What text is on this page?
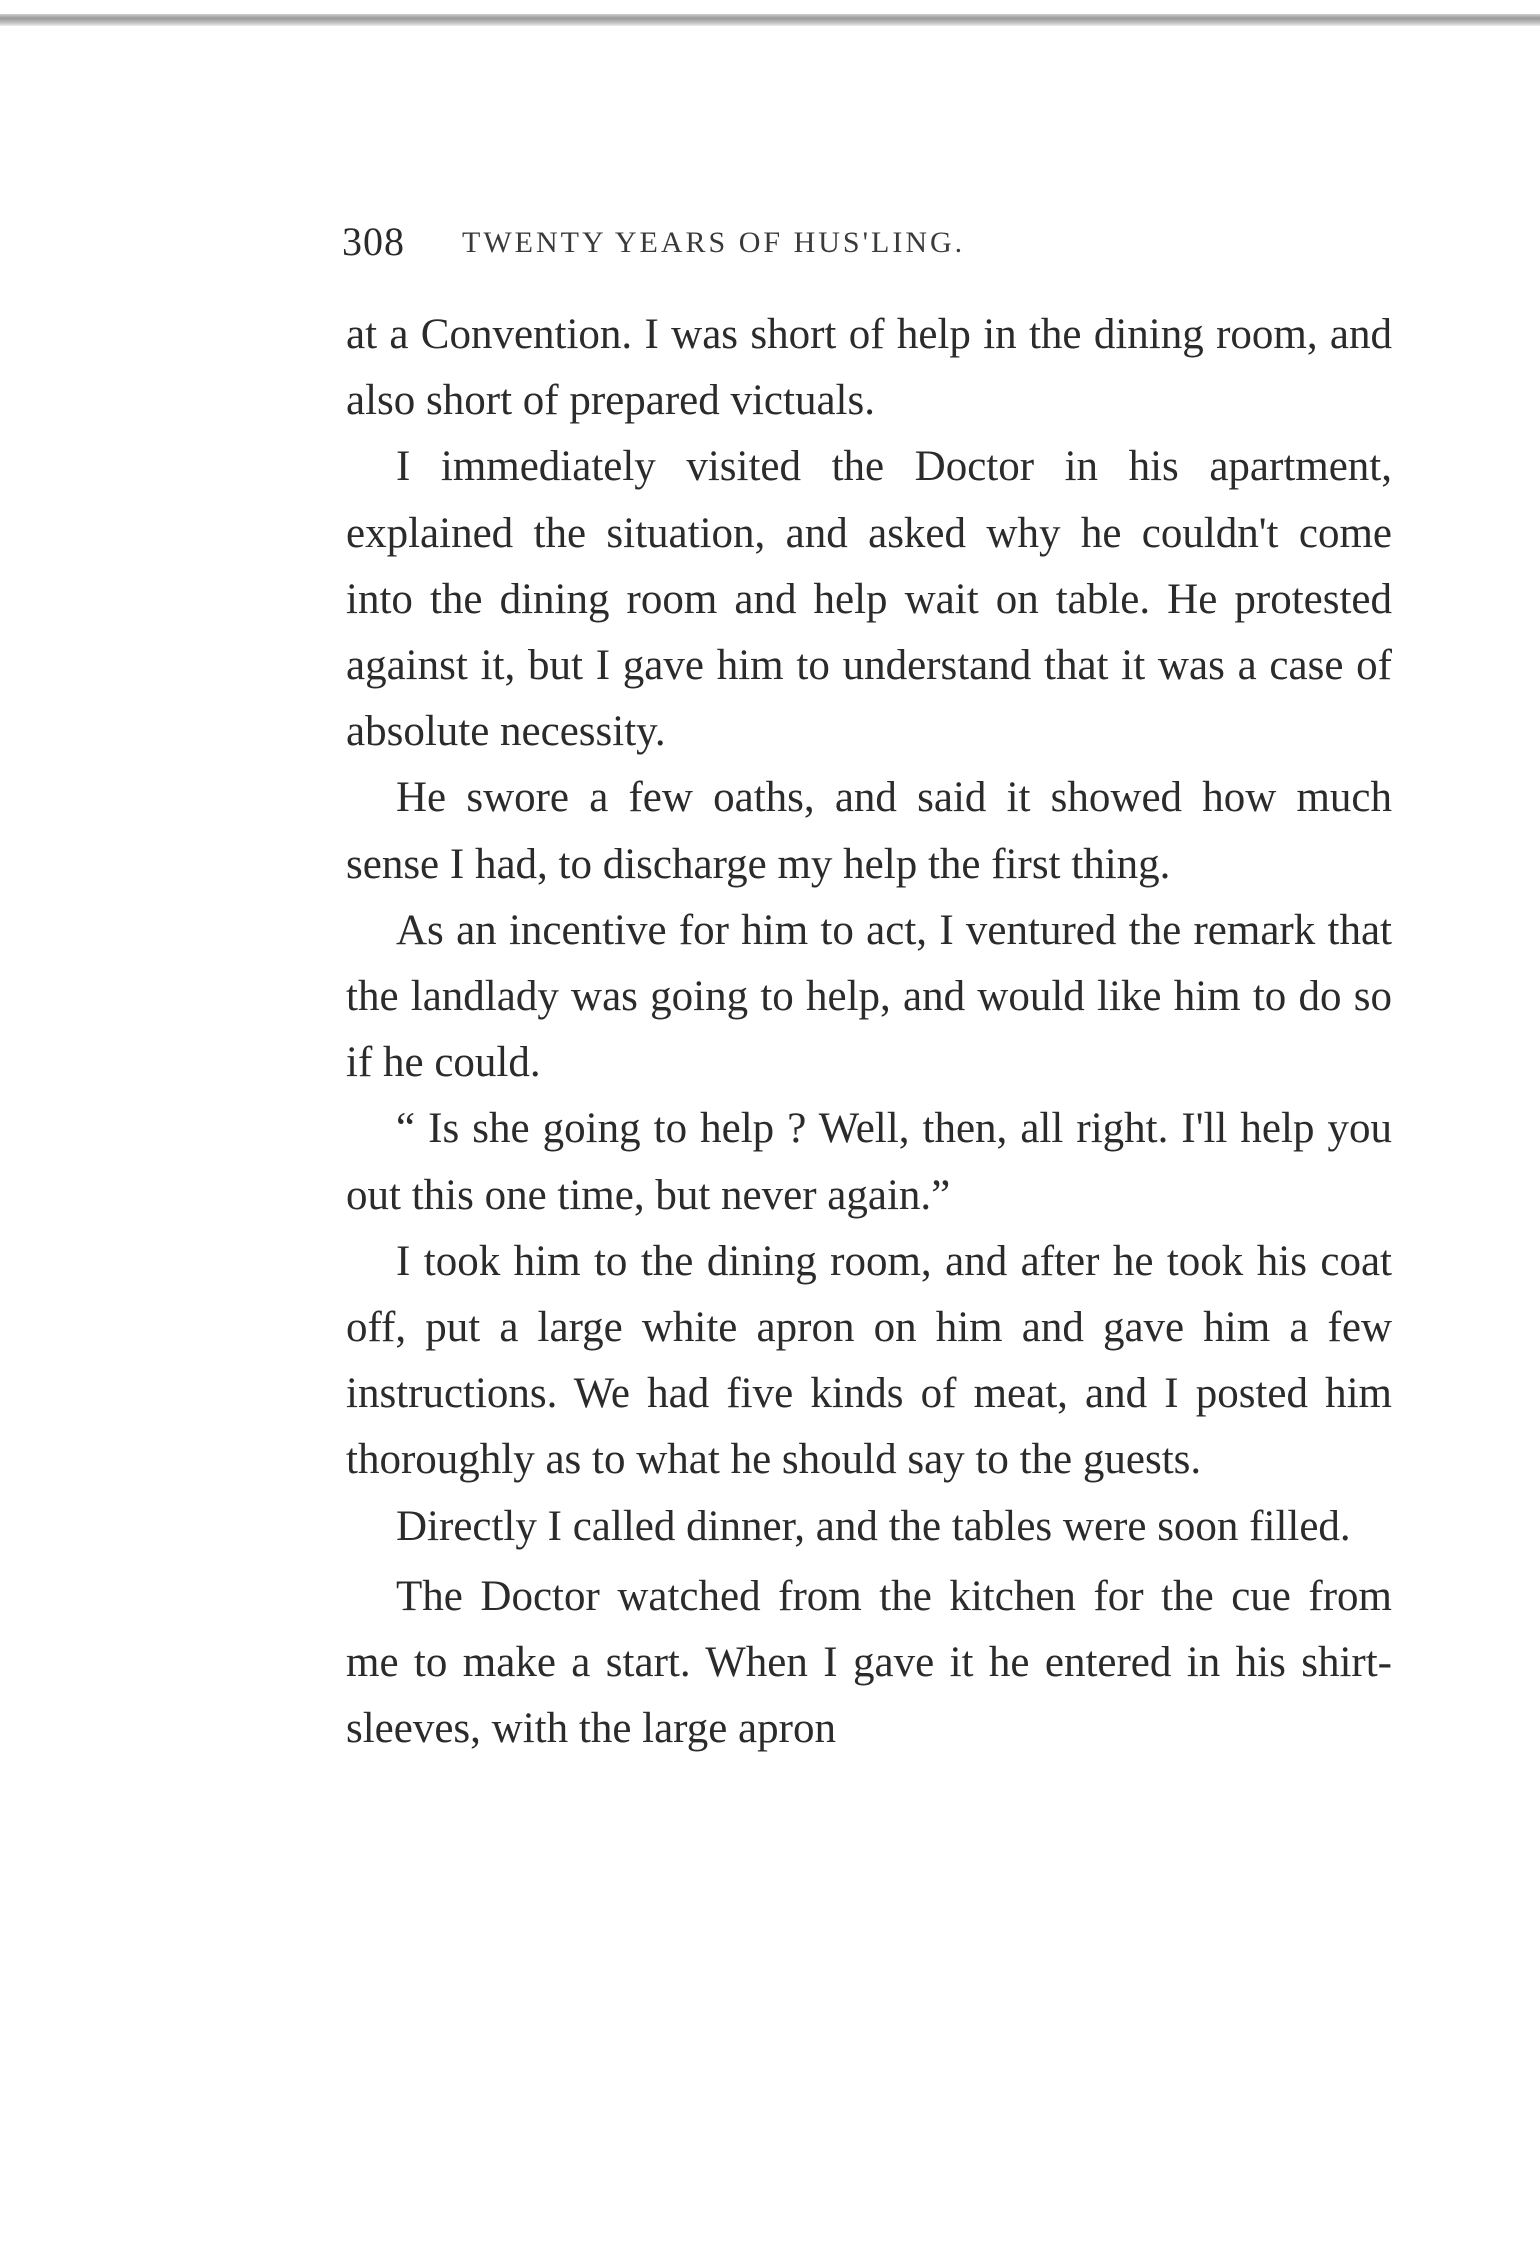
308 TWENTY YEARS OF HUS'LING.

at a Convention. I was short of help in the dining room, and also short of prepared victuals.

I immediately visited the Doctor in his apartment, explained the situation, and asked why he couldn't come into the dining room and help wait on table. He protested against it, but I gave him to understand that it was a case of absolute necessity.

He swore a few oaths, and said it showed how much sense I had, to discharge my help the first thing.

As an incentive for him to act, I ventured the remark that the landlady was going to help, and would like him to do so if he could.

“ Is she going to help ? Well, then, all right. I'll help you out this one time, but never again.”

I took him to the dining room, and after he took his coat off, put a large white apron on him and gave him a few instructions. We had five kinds of meat, and I posted him thoroughly as to what he should say to the guests.

Directly I called dinner, and the tables were soon filled.

The Doctor watched from the kitchen for the cue from me to make a start. When I gave it he entered in his shirt-sleeves, with the large apron
